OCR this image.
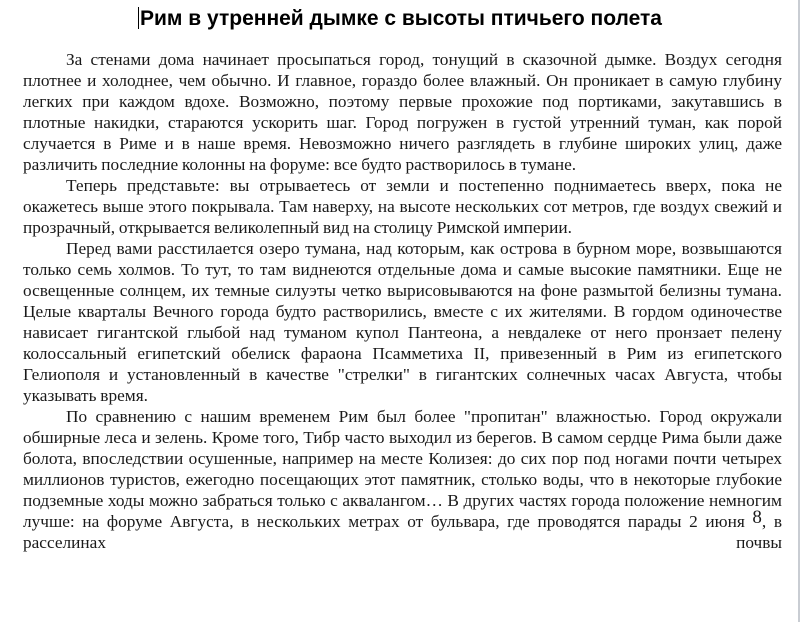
Рим в утренней дымке с высоты птичьего полета

За стенами дома начинает просыпаться город, тонущий в сказочной дымке. Воздух сегодня плотнее и холоднее, чем обычно. И главное, гораздо более влажный. Он проникает в самую глубину легких при каждом вдохе. Возможно, поэтому первые прохожие под портиками, закутавшись в плотные накидки, стараются ускорить шаг. Город погружен в густой утренний туман, как порой случается в Риме и в наше время. Невозможно ничего разглядеть в глубине широких улиц, даже различить последние колонны на форуме: все будто растворилось в тумане.

Теперь представьте: вы отрываетесь от земли и постепенно поднимаетесь вверх, пока не окажетесь выше этого покрывала. Там наверху, на высоте нескольких сот метров, где воздух свежий и прозрачный, открывается великолепный вид на столицу Римской империи.

Перед вами расстилается озеро тумана, над которым, как острова в бурном море, возвышаются только семь холмов. То тут, то там виднеются отдельные дома и самые высокие памятники. Еще не освещенные солнцем, их темные силуэты четко вырисовываются на фоне размытой белизны тумана. Целые кварталы Вечного города будто растворились, вместе с их жителями. В гордом одиночестве нависает гигантской глыбой над туманом купол Пантеона, а невдалеке от него пронзает пелену колоссальный египетский обелиск фараона Псамметиха II, привезенный в Рим из египетского Гелиополя и установленный в качестве "стрелки" в гигантских солнечных часах Августа, чтобы указывать время.

По сравнению с нашим временем Рим был более "пропитан" влажностью. Город окружали обширные леса и зелень. Кроме того, Тибр часто выходил из берегов. В самом сердце Рима были даже болота, впоследствии осушенные, например на месте Колизея: до сих пор под ногами почти четырех миллионов туристов, ежегодно посещающих этот памятник, столько воды, что в некоторые глубокие подземные ходы можно забраться только с аквалангом… В других частях города положение немногим лучше: на форуме Августа, в нескольких метрах от бульвара, где проводятся парады 2 июня $^8$, в расселинах почвы
